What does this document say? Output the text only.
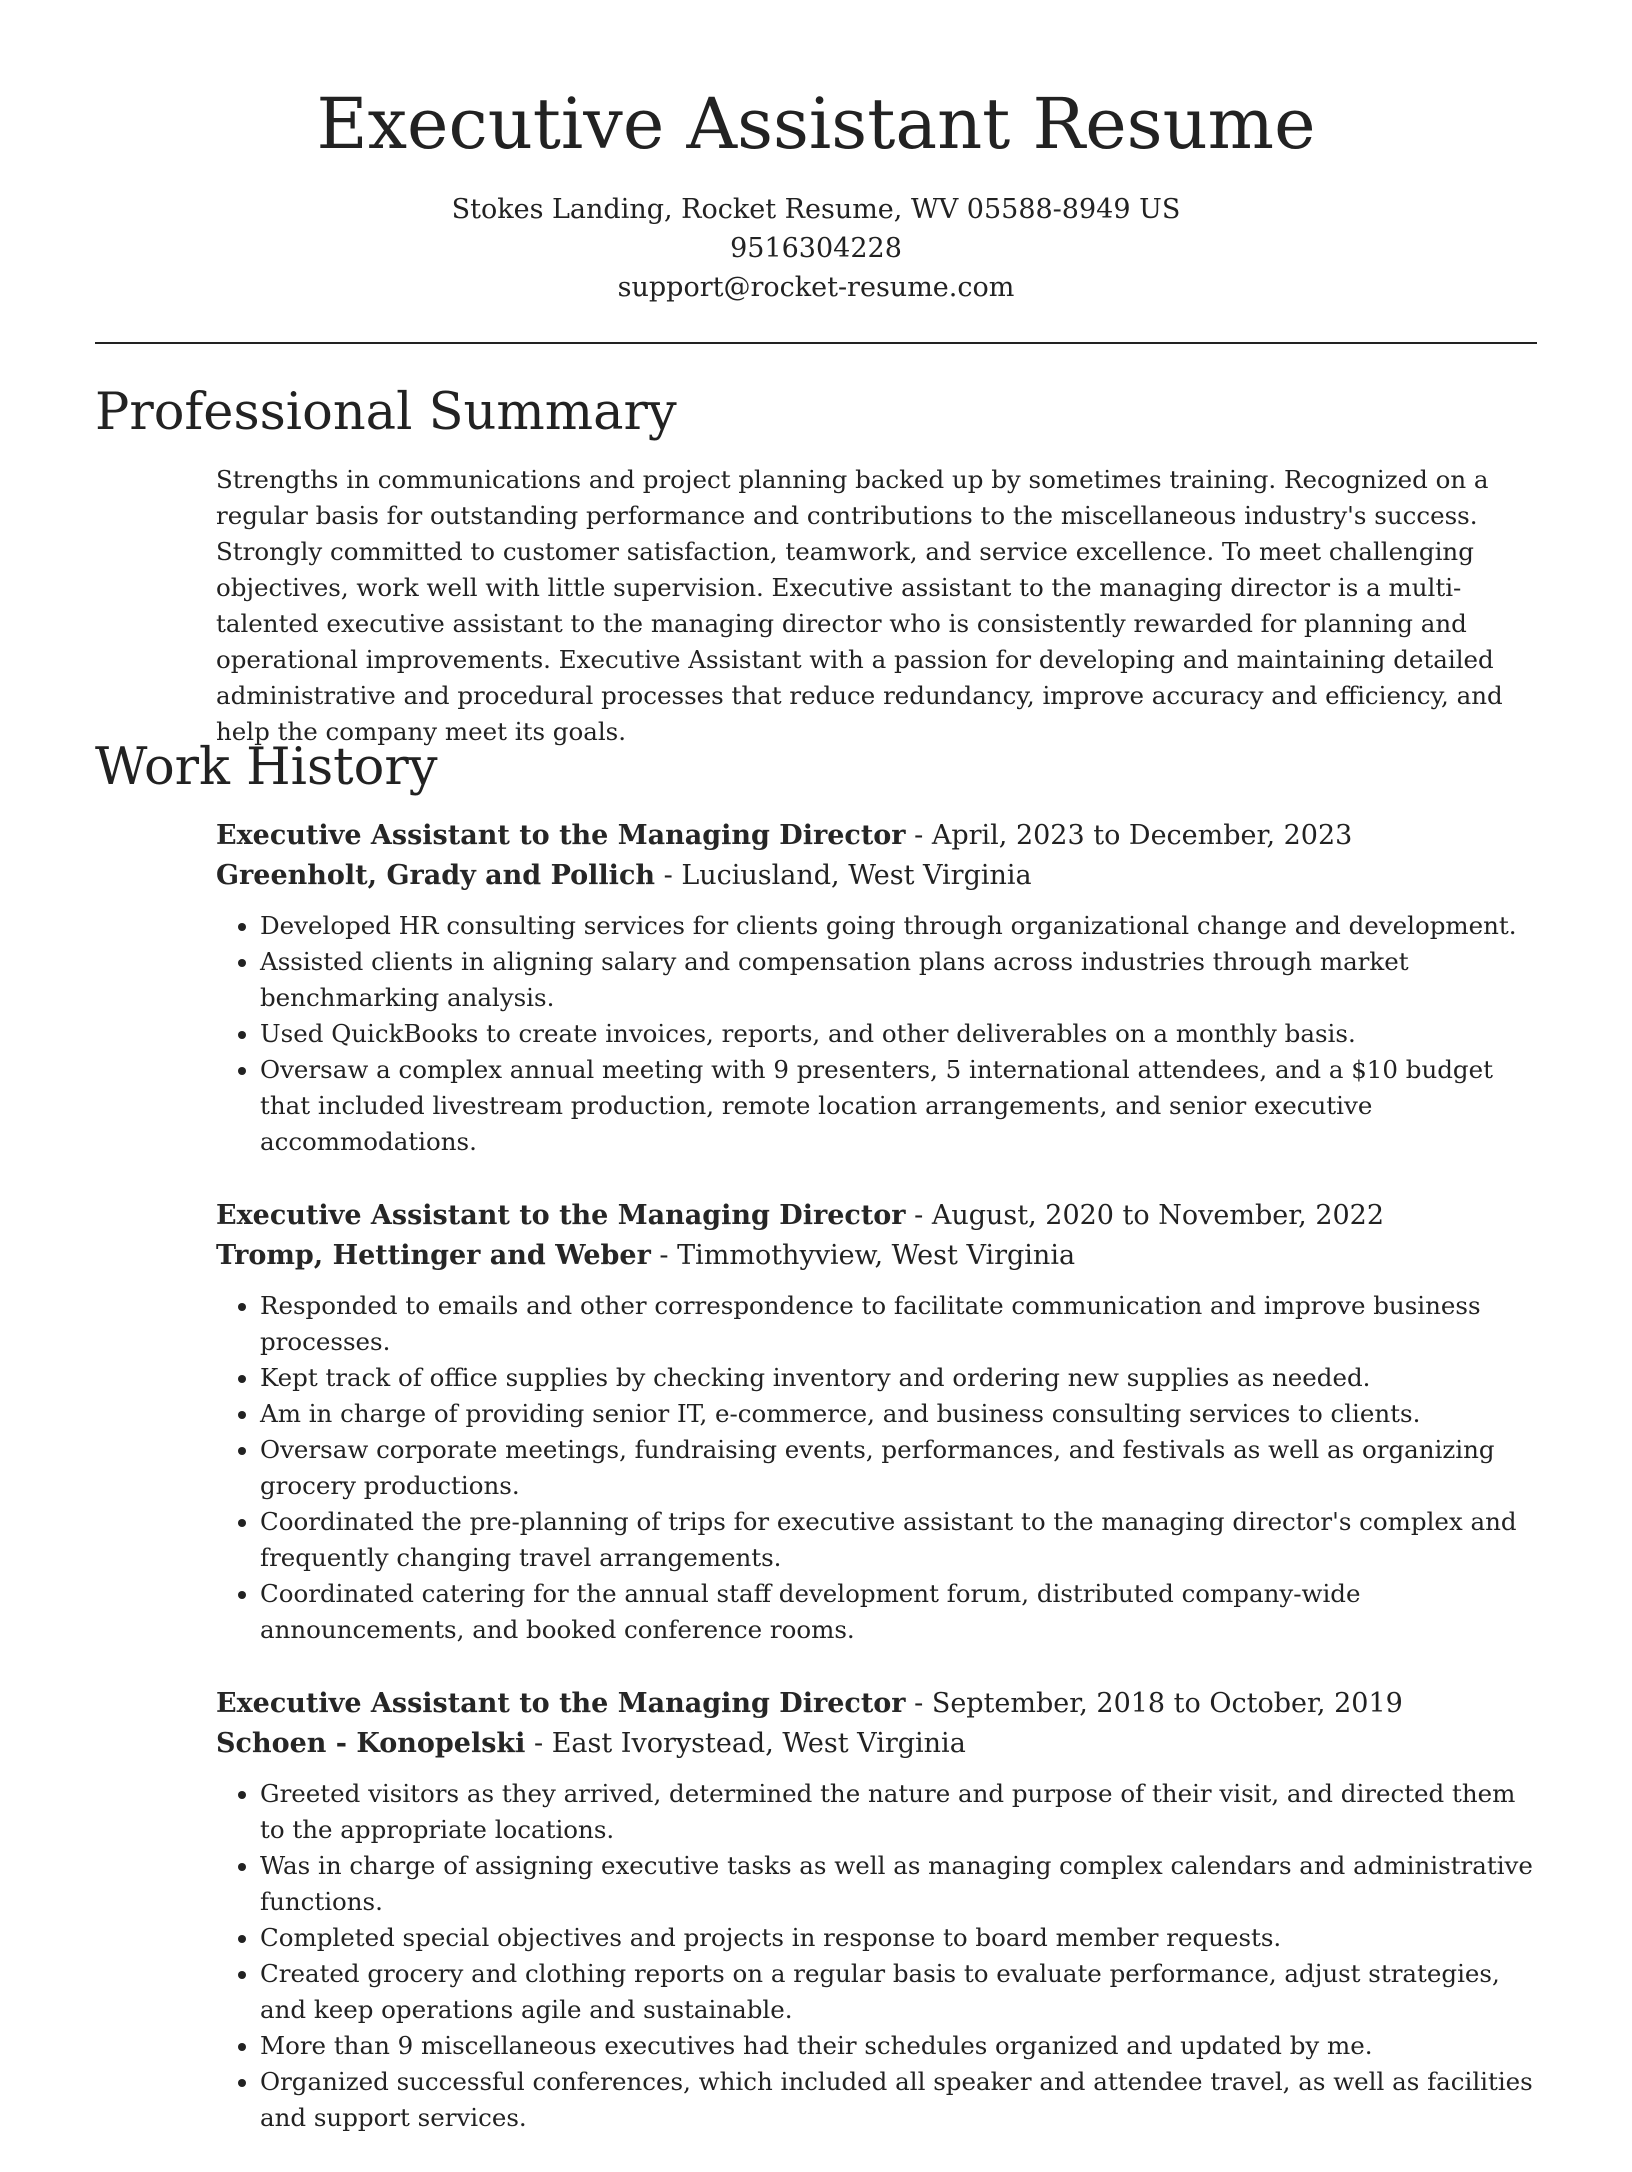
Executive Assistant Resume
Stokes Landing, Rocket Resume, WV 05588-8949 US
9516304228
support@rocket-resume.com
Professional Summary

Strengths in communications and project planning backed up by sometimes training. Recognized on a regular basis for outstanding performance and contributions to the miscellaneous industry's success. Strongly committed to customer satisfaction, teamwork, and service excellence. To meet challenging objectives, work well with little supervision. Executive assistant to the managing director is a multi-talented executive assistant to the managing director who is consistently rewarded for planning and operational improvements. Executive Assistant with a passion for developing and maintaining detailed administrative and procedural processes that reduce redundancy, improve accuracy and efficiency, and help the company meet its goals.

Work History
Executive Assistant to the Managing Director - April, 2023 to December, 2023
Greenholt, Grady and Pollich - Luciusland, West Virginia
• Developed HR consulting services for clients going through organizational change and development.
• Assisted clients in aligning salary and compensation plans across industries through market benchmarking analysis.
• Used QuickBooks to create invoices, reports, and other deliverables on a monthly basis.
• Oversaw a complex annual meeting with 9 presenters, 5 international attendees, and a $10 budget that included livestream production, remote location arrangements, and senior executive accommodations.
Executive Assistant to the Managing Director - August, 2020 to November, 2022
Tromp, Hettinger and Weber - Timmothyview, West Virginia
• Responded to emails and other correspondence to facilitate communication and improve business processes.
• Kept track of office supplies by checking inventory and ordering new supplies as needed.
• Am in charge of providing senior IT, e-commerce, and business consulting services to clients.
• Oversaw corporate meetings, fundraising events, performances, and festivals as well as organizing grocery productions.
• Coordinated the pre-planning of trips for executive assistant to the managing director's complex and frequently changing travel arrangements.
• Coordinated catering for the annual staff development forum, distributed company-wide announcements, and booked conference rooms.
Executive Assistant to the Managing Director - September, 2018 to October, 2019
Schoen - Konopelski - East Ivorystead, West Virginia
• Greeted visitors as they arrived, determined the nature and purpose of their visit, and directed them to the appropriate locations.
• Was in charge of assigning executive tasks as well as managing complex calendars and administrative functions.
• Completed special objectives and projects in response to board member requests.
• Created grocery and clothing reports on a regular basis to evaluate performance, adjust strategies, and keep operations agile and sustainable.
• More than 9 miscellaneous executives had their schedules organized and updated by me.
• Organized successful conferences, which included all speaker and attendee travel, as well as facilities and support services.
